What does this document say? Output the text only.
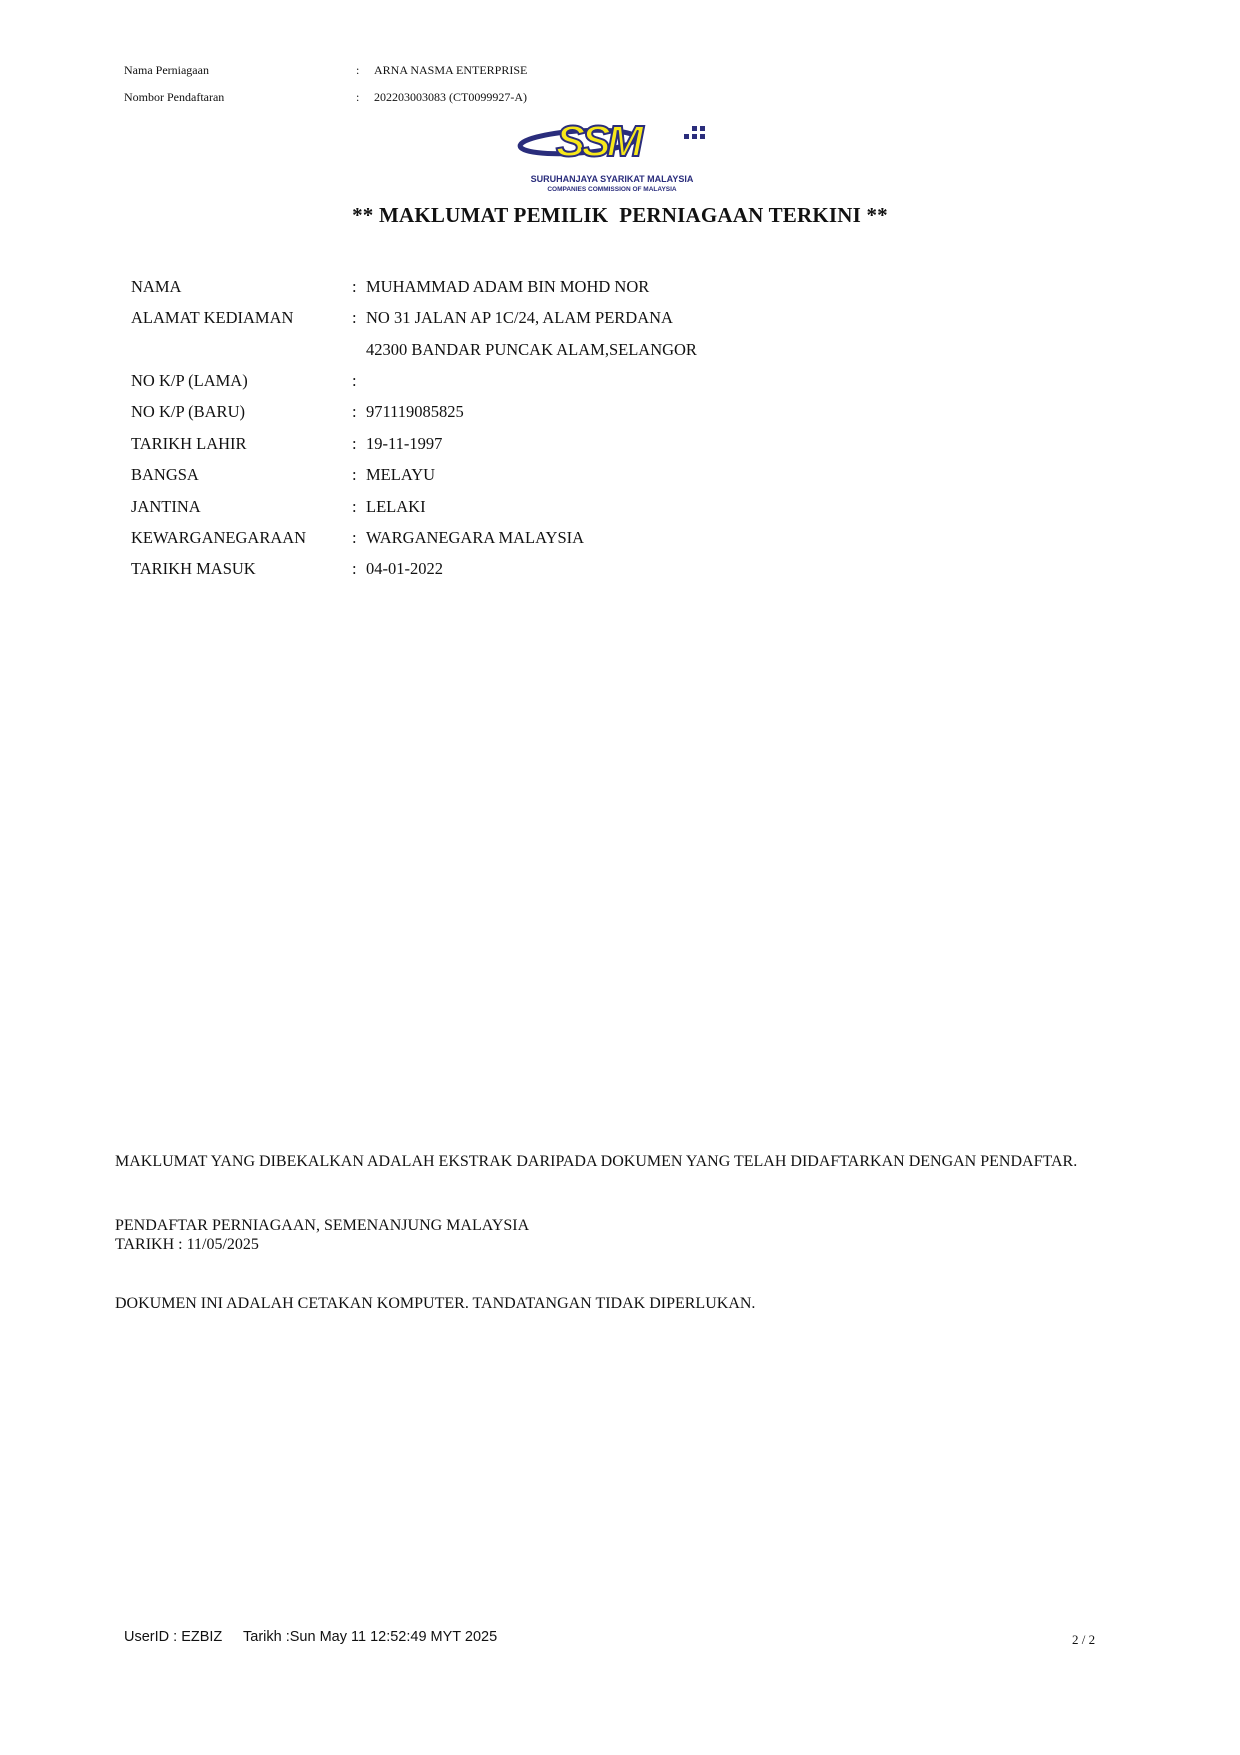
Nama Perniagaan	: ARNA NASMA ENTERPRISE
Nombor Pendaftaran	: 202203003083 (CT0099927-A)
SSM
SURUHANJAYA SYARIKAT MALAYSIA
COMPANIES COMMISSION OF MALAYSIA
** MAKLUMAT PEMILIK  PERNIAGAAN TERKINI **
NAMA	: MUHAMMAD ADAM BIN MOHD NOR
ALAMAT KEDIAMAN	: NO 31 JALAN AP 1C/24, ALAM PERDANA
42300 BANDAR PUNCAK ALAM,SELANGOR
NO K/P (LAMA)	:
NO K/P (BARU)	: 971119085825
TARIKH LAHIR	: 19-11-1997
BANGSA	: MELAYU
JANTINA	: LELAKI
KEWARGANEGARAAN	: WARGANEGARA MALAYSIA
TARIKH MASUK	: 04-01-2022
MAKLUMAT YANG DIBEKALKAN ADALAH EKSTRAK DARIPADA DOKUMEN YANG TELAH DIDAFTARKAN DENGAN PENDAFTAR.
PENDAFTAR PERNIAGAAN, SEMENANJUNG MALAYSIA
TARIKH : 11/05/2025
DOKUMEN INI ADALAH CETAKAN KOMPUTER. TANDATANGAN TIDAK DIPERLUKAN.
UserID : EZBIZ Tarikh :Sun May 11 12:52:49 MYT 2025	2 / 2
